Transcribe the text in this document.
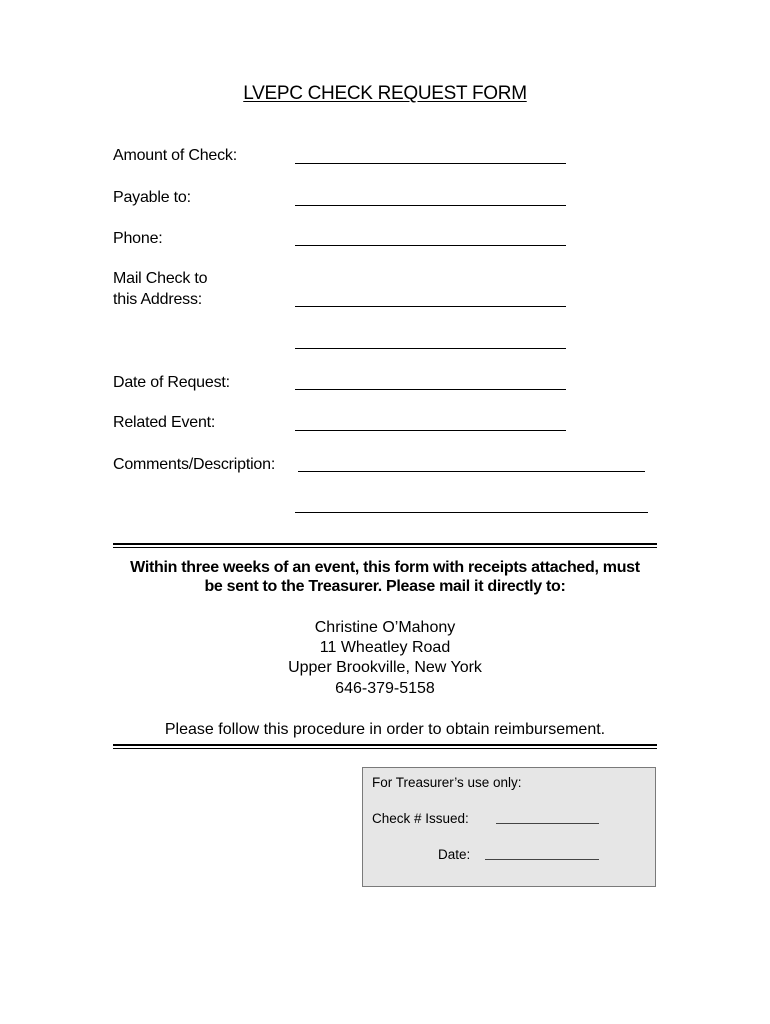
LVEPC CHECK REQUEST FORM
Amount of Check:
Payable to:
Phone:
Mail Check to
this Address:
Date of Request:
Related Event:
Comments/Description:
Within three weeks of an event, this form with receipts attached, must
be sent to the Treasurer. Please mail it directly to:
Christine O’Mahony
11 Wheatley Road
Upper Brookville, New York
646-379-5158
Please follow this procedure in order to obtain reimbursement.
For Treasurer’s use only:
Check # Issued:
Date:
